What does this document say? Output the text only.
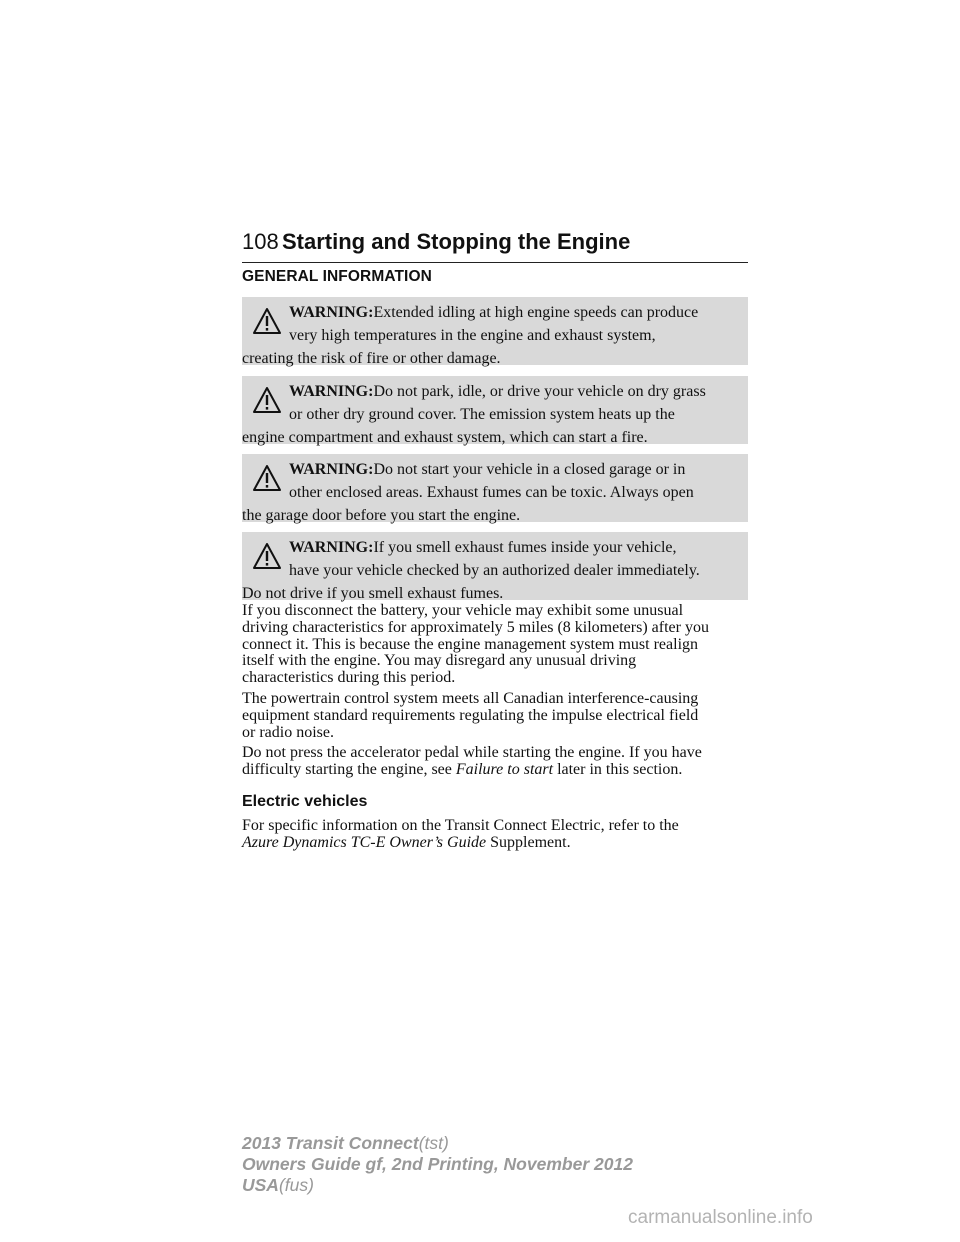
108 Starting and Stopping the Engine
GENERAL INFORMATION
WARNING:Extended idling at high engine speeds can produce
very high temperatures in the engine and exhaust system,
creating the risk of fire or other damage.
WARNING:Do not park, idle, or drive your vehicle on dry grass
or other dry ground cover. The emission system heats up the
engine compartment and exhaust system, which can start a fire.
WARNING:Do not start your vehicle in a closed garage or in
other enclosed areas. Exhaust fumes can be toxic. Always open
the garage door before you start the engine.
WARNING:If you smell exhaust fumes inside your vehicle,
have your vehicle checked by an authorized dealer immediately.
Do not drive if you smell exhaust fumes.
If you disconnect the battery, your vehicle may exhibit some unusual
driving characteristics for approximately 5 miles (8 kilometers) after you
connect it. This is because the engine management system must realign
itself with the engine. You may disregard any unusual driving
characteristics during this period.
The powertrain control system meets all Canadian interference-causing
equipment standard requirements regulating the impulse electrical field
or radio noise.
Do not press the accelerator pedal while starting the engine. If you have
difficulty starting the engine, see Failure to start later in this section.
Electric vehicles
For specific information on the Transit Connect Electric, refer to the
Azure Dynamics TC-E Owner’s Guide Supplement.
2013 Transit Connect(tst)
Owners Guide gf, 2nd Printing, November 2012
USA(fus)
carmanualsonline.info
